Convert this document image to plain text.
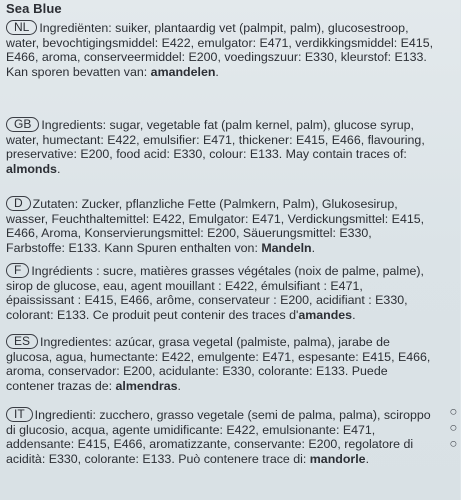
Sea Blue
NL Ingrediënten: suiker, plantaardig vet (palmpit, palm), glucosestroop, water, bevochtigingsmiddel: E422, emulgator: E471, verdikkingsmiddel: E415, E466, aroma, conserveermiddel: E200, voedingszuur: E330, kleurstof: E133. Kan sporen bevatten van: amandelen.
GB Ingredients: sugar, vegetable fat (palm kernel, palm), glucose syrup, water, humectant: E422, emulsifier: E471, thickener: E415, E466, flavouring, preservative: E200, food acid: E330, colour: E133. May contain traces of: almonds.
D Zutaten: Zucker, pflanzliche Fette (Palmkern, Palm), Glukosesirup, wasser, Feuchthaltemittel: E422, Emulgator: E471, Verdickungsmittel: E415, E466, Aroma, Konservierungsmittel: E200, Säuerungsmittel: E330, Farbstoffe: E133. Kann Spuren enthalten von: Mandeln.
F Ingrédients : sucre, matières grasses végétales (noix de palme, palme), sirop de glucose, eau, agent mouillant : E422, émulsifiant : E471, épaississant : E415, E466, arôme, conservateur : E200, acidifiant : E330, colorant: E133. Ce produit peut contenir des traces d'amandes.
ES Ingredientes: azúcar, grasa vegetal (palmiste, palma), jarabe de glucosa, agua, humectante: E422, emulgente: E471, espesante: E415, E466, aroma, conservador: E200, acidulante: E330, colorante: E133. Puede contener trazas de: almendras.
IT Ingredienti: zucchero, grasso vegetale (semi de palma, palma), sciroppo di glucosio, acqua, agente umidificante: E422, emulsionante: E471, addensante: E415, E466, aromatizzante, conservante: E200, regolatore di acidità: E330, colorante: E133. Può contenere trace di: mandorle.
○○○
